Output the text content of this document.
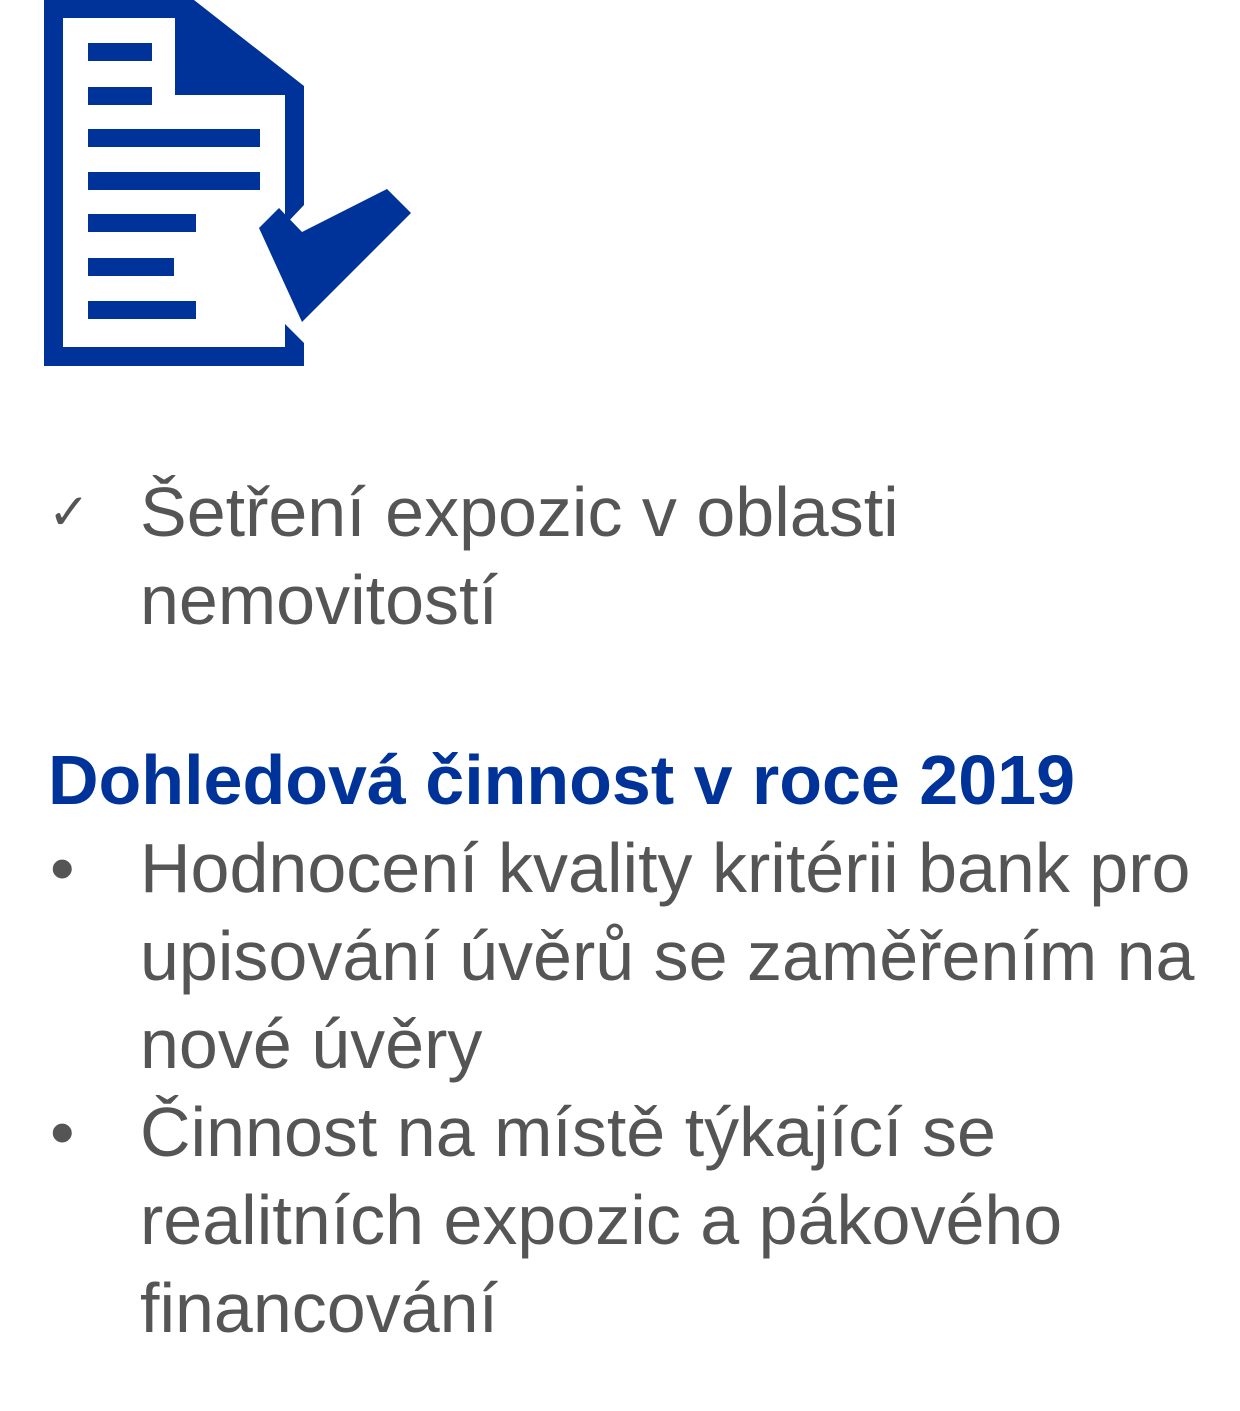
✓ Šetření expozic v oblasti nemovitostí
Dohledová činnost v roce 2019
• Hodnocení kvality kritérii bank pro upisování úvěrů se zaměřením na nové úvěry
• Činnost na místě týkající se realitních expozic a pákového financování
